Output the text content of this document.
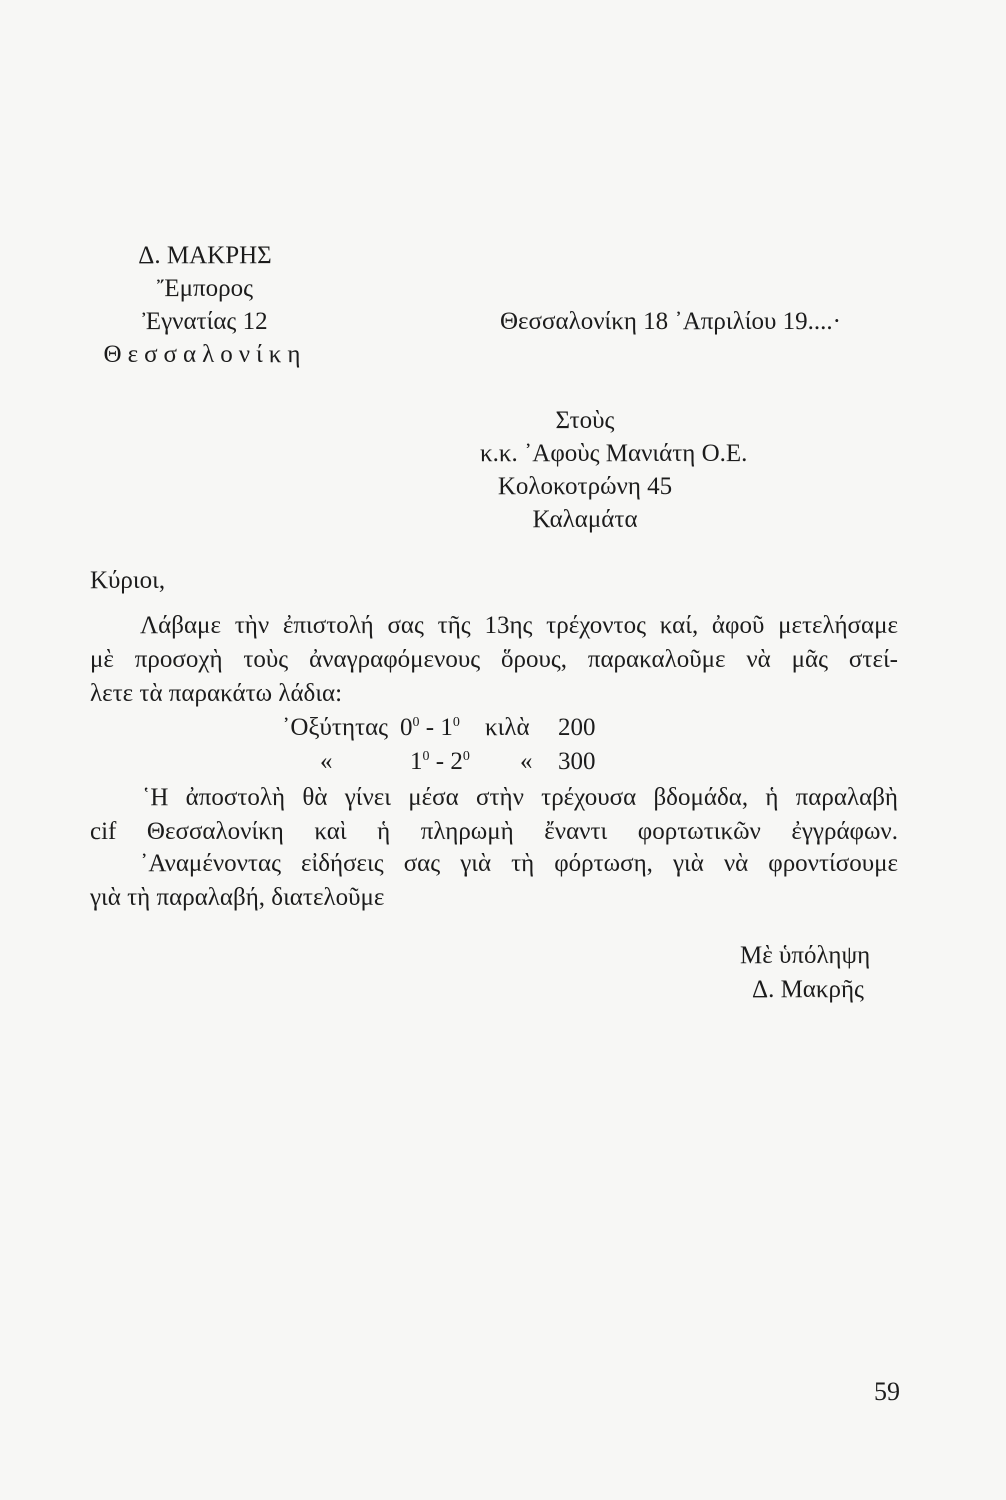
Δ. ΜΑΚΡΗΣ
Ἔμπορος
Ἐγνατίας 12
Θεσσαλονίκη
Θεσσαλονίκη 18 ᾿Απριλίου 19....·
Στοὺς
κ.κ. ᾿Αφοὺς Μανιάτη Ο.Ε.
Κολοκοτρώνη 45
Καλαμάτα
Κύριοι,
Λάβαμε τὴν ἐπιστολή σας τῆς 13ης τρέχοντος καί, ἀφοῦ μετελήσαμε
μὲ προσοχὴ τοὺς ἀναγραφόμενους ὅρους, παρακαλοῦμε νὰ μᾶς στεί-
λετε τὰ παρακάτω λάδια:
᾿Οξύτητας $0^0 - 1^0$ κιλὰ 200
«	$1^0 - 2^0$ « 300
῾Η ἀποστολὴ θὰ γίνει μέσα στὴν τρέχουσα βδομάδα, ἡ παραλαβὴ
cif Θεσσαλονίκη καὶ ἡ πληρωμὴ ἔναντι φορτωτικῶν ἐγγράφων.
᾿Αναμένοντας εἰδήσεις σας γιὰ τὴ φόρτωση, γιὰ νὰ φροντίσουμε
γιὰ τὴ παραλαβή, διατελοῦμε
Μὲ ὑπόληψη
Δ. Μακρῆς
59
